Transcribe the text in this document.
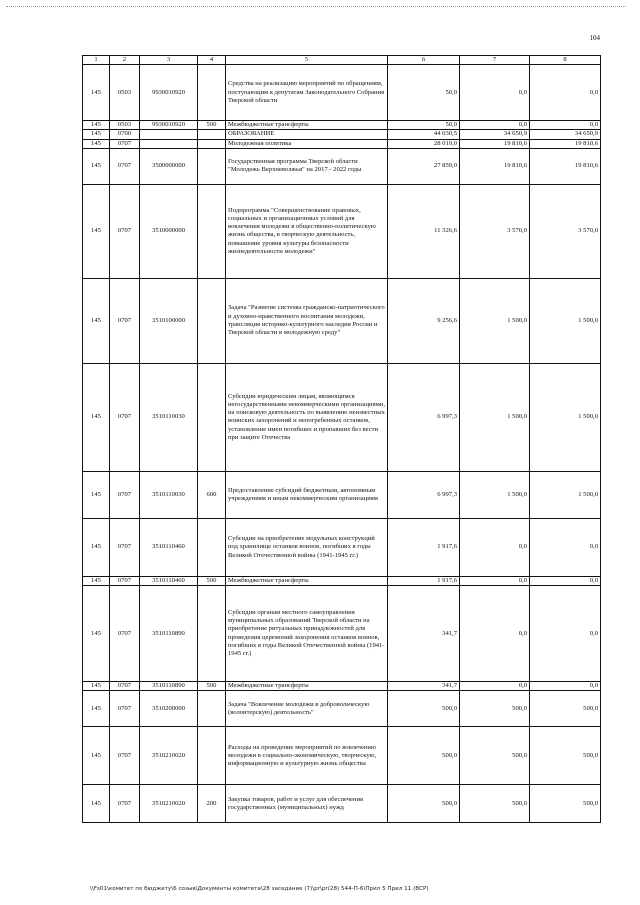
104
1	2	3	4	5	6	7	8
145	0503	9930010920		Средства на реализацию мероприятий по обращениям, поступающим к депутатам Законодательного Собрания Тверской области	50,0	0,0	0,0
145	0503	9930010920	500	Межбюджетные трансферты	50,0	0,0	0,0
145	0700			ОБРАЗОВАНИЕ	44 030,5	34 650,9	34 650,9
145	0707			Молодежная политика	28 019,0	19 810,6	19 810,6
145	0707	3500000000		Государственная программа Тверской области "Молодежь Верхневолжья" на 2017 - 2022 годы	27 859,0	19 810,6	19 810,6
145	0707	3510000000		Подпрограмма "Совершенствование правовых, социальных и организационных условий для вовлечения молодежи в общественно-политическую жизнь общества, в творческую деятельность, повышение уровня культуры безопасности жизнедеятельности молодежи"	11 326,6	3 570,0	3 570,0
145	0707	3510100000		Задача "Развитие системы гражданско-патриотического и духовно-нравственного воспитания молодежи, трансляция историко-культурного наследия России и Тверской области в молодежную среду"	9 256,6	1 500,0	1 500,0
145	0707	3510110030		Субсидии юридическим лицам, являющимся негосударственными некоммерческими организациями, на поисковую деятельность по выявлению неизвестных воинских захоронений и непогребенных останков, установление имен погибших и пропавших без вести при защите Отечества	6 997,3	1 500,0	1 500,0
145	0707	3510110030	600	Предоставление субсидий бюджетным, автономным учреждениям и иным некоммерческим организациям	6 997,3	1 500,0	1 500,0
145	0707	3510110460		Субсидии на приобретение модульных конструкций под хранилище останков воинов, погибших в годы Великой Отечественной войны (1941-1945 гг.)	1 917,6	0,0	0,0
145	0707	3510110460	500	Межбюджетные трансферты	1 917,6	0,0	0,0
145	0707	3510110890		Субсидии органам местного самоуправления муниципальных образований Тверской области на приобретение ритуальных принадлежностей для проведения церемоний захоронения останков воинов, погибших в годы Великой Отечественной войны (1941-1945 гг.)	341,7	0,0	0,0
145	0707	3510110890	500	Межбюджетные трансферты	341,7	0,0	0,0
145	0707	3510200000		Задача "Вовлечение молодежи в добровольческую (волонтерскую) деятельность"	500,0	500,0	500,0
145	0707	3510210020		Расходы на проведение мероприятий по вовлечению молодежи в социально-экономическую, творческую, информационную и культурную жизнь общества	500,0	500,0	500,0
145	0707	3510210020	200	Закупка товаров, работ и услуг для обеспечения государственных (муниципальных) нужд	500,0	500,0	500,0
\\Fs01\комитет по бюджету\6 созыв\Документы комитета\28 заседание (7)\pr\pr(28) 544-П-6\Прил 5 Прил 11 (ВСР)
